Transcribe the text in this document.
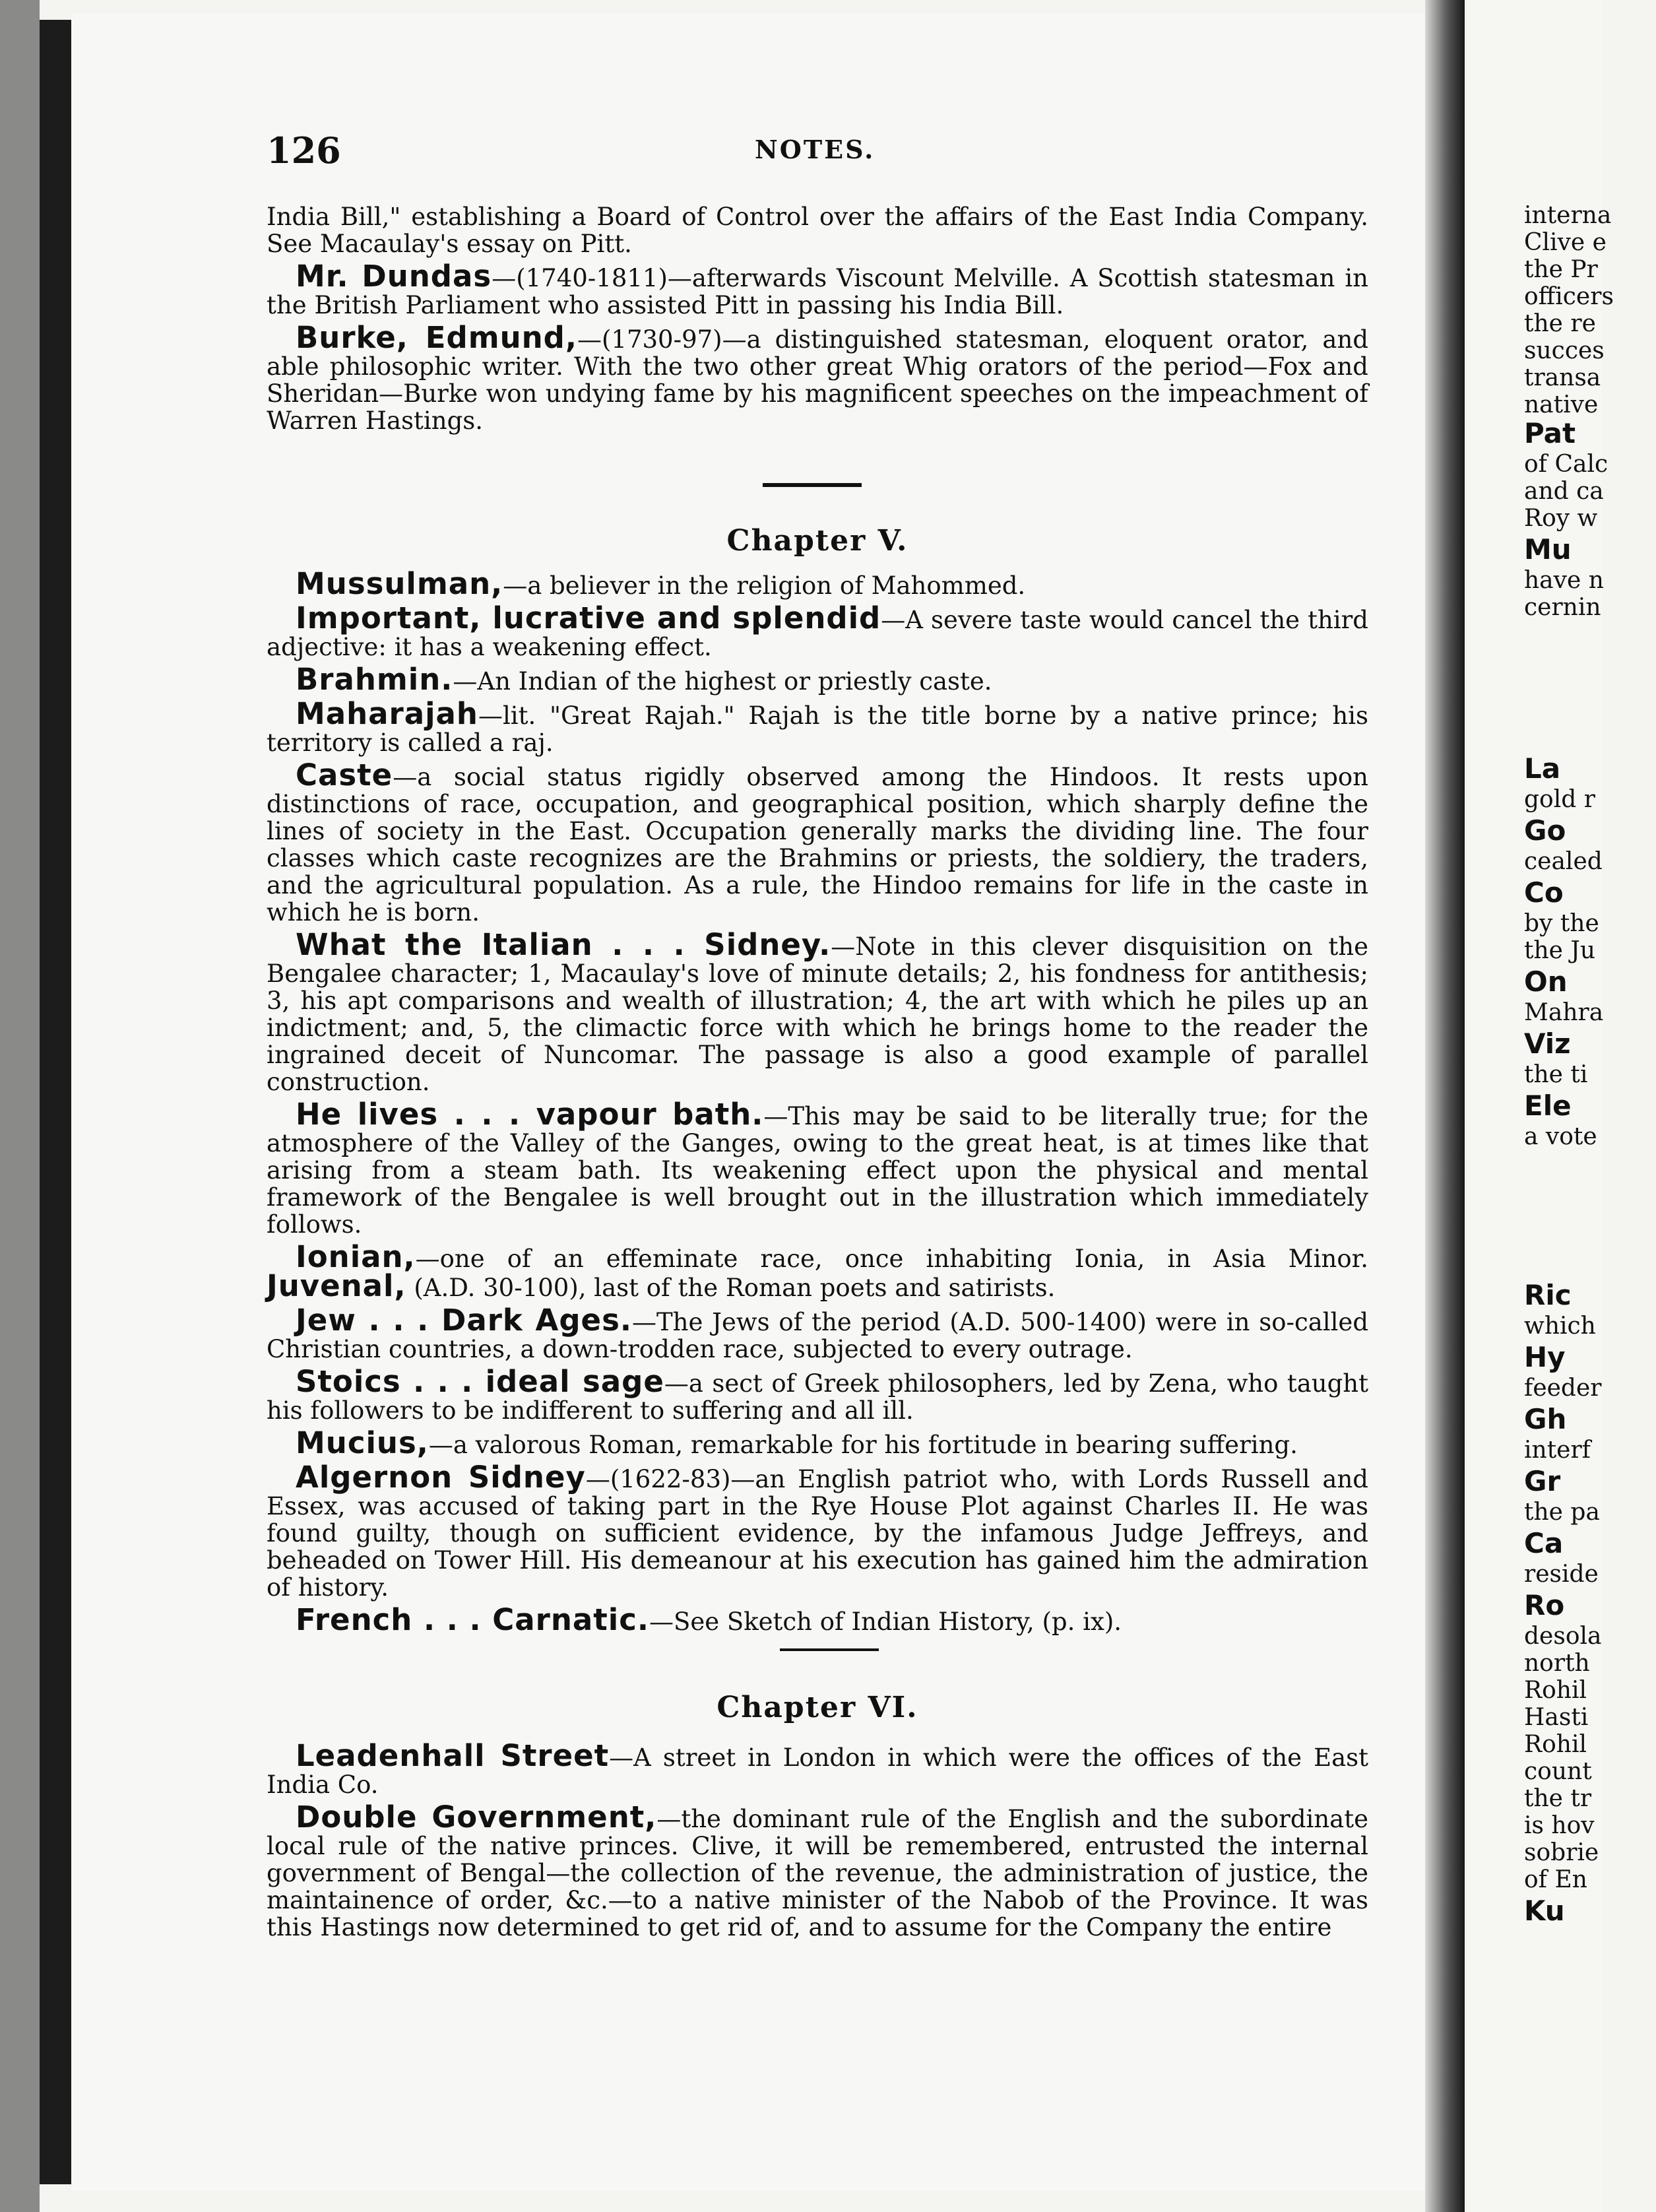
126	NOTES.

India Bill," establishing a Board of Control over the affairs of the East India Company. See Macaulay's essay on Pitt.

Mr. Dundas—(1740-1811)—afterwards Viscount Melville. A Scottish statesman in the British Parliament who assisted Pitt in passing his India Bill.

Burke, Edmund,—(1730-97)—a distinguished statesman, eloquent orator, and able philosophic writer. With the two other great Whig orators of the period—Fox and Sheridan—Burke won undying fame by his magnificent speeches on the impeachment of Warren Hastings.

Chapter V.

Mussulman,—a believer in the religion of Mahommed.

Important, lucrative and splendid—A severe taste would cancel the third adjective: it has a weakening effect.

Brahmin.—An Indian of the highest or priestly caste.

Maharajah—lit. "Great Rajah." Rajah is the title borne by a native prince; his territory is called a raj.

Caste—a social status rigidly observed among the Hindoos. It rests upon distinctions of race, occupation, and geographical position, which sharply define the lines of society in the East. Occupation generally marks the dividing line. The four classes which caste recognizes are the Brahmins or priests, the soldiery, the traders, and the agricultural population. As a rule, the Hindoo remains for life in the caste in which he is born.

What the Italian . . . Sidney.—Note in this clever disquisition on the Bengalee character; 1, Macaulay's love of minute details; 2, his fondness for antithesis; 3, his apt comparisons and wealth of illustration; 4, the art with which he piles up an indictment; and, 5, the climactic force with which he brings home to the reader the ingrained deceit of Nuncomar. The passage is also a good example of parallel construction.

He lives . . . vapour bath.—This may be said to be literally true; for the atmosphere of the Valley of the Ganges, owing to the great heat, is at times like that arising from a steam bath. Its weakening effect upon the physical and mental framework of the Bengalee is well brought out in the illustration which immediately follows.

Ionian,—one of an effeminate race, once inhabiting Ionia, in Asia Minor. Juvenal, (A.D. 30-100), last of the Roman poets and satirists.

Jew . . . Dark Ages.—The Jews of the period (A.D. 500-1400) were in so-called Christian countries, a down-trodden race, subjected to every outrage.

Stoics . . . ideal sage—a sect of Greek philosophers, led by Zena, who taught his followers to be indifferent to suffering and all ill.

Mucius,—a valorous Roman, remarkable for his fortitude in bearing suffering.

Algernon Sidney—(1622-83)—an English patriot who, with Lords Russell and Essex, was accused of taking part in the Rye House Plot against Charles II. He was found guilty, though on sufficient evidence, by the infamous Judge Jeffreys, and beheaded on Tower Hill. His demeanour at his execution has gained him the admiration of history.

French . . . Carnatic.—See Sketch of Indian History, (p. ix).

Chapter VI.

Leadenhall Street—A street in London in which were the offices of the East India Co.

Double Government,—the dominant rule of the English and the subordinate local rule of the native princes. Clive, it will be remembered, entrusted the internal government of Bengal—the collection of the revenue, the administration of justice, the maintainence of order, &c.—to a native minister of the Nabob of the Province. It was this Hastings now determined to get rid of, and to assume for the Company the entire

interna
Clive e
the Pr
officers
the re
succes
transa
native
Pat
of Calc
and ca
Roy w
Mu
have n
cernin
La
gold r
Go
cealed
Co
by the
the Ju
On
Mahra
Viz
the ti
Ele
a vote
Ric
which
Hy
feeder
Gh
interf
Gr
the pa
Ca
reside
Ro
desola
north
Rohil
Hasti
Rohil
count
the tr
is hov
sobrie
of En
Ku
